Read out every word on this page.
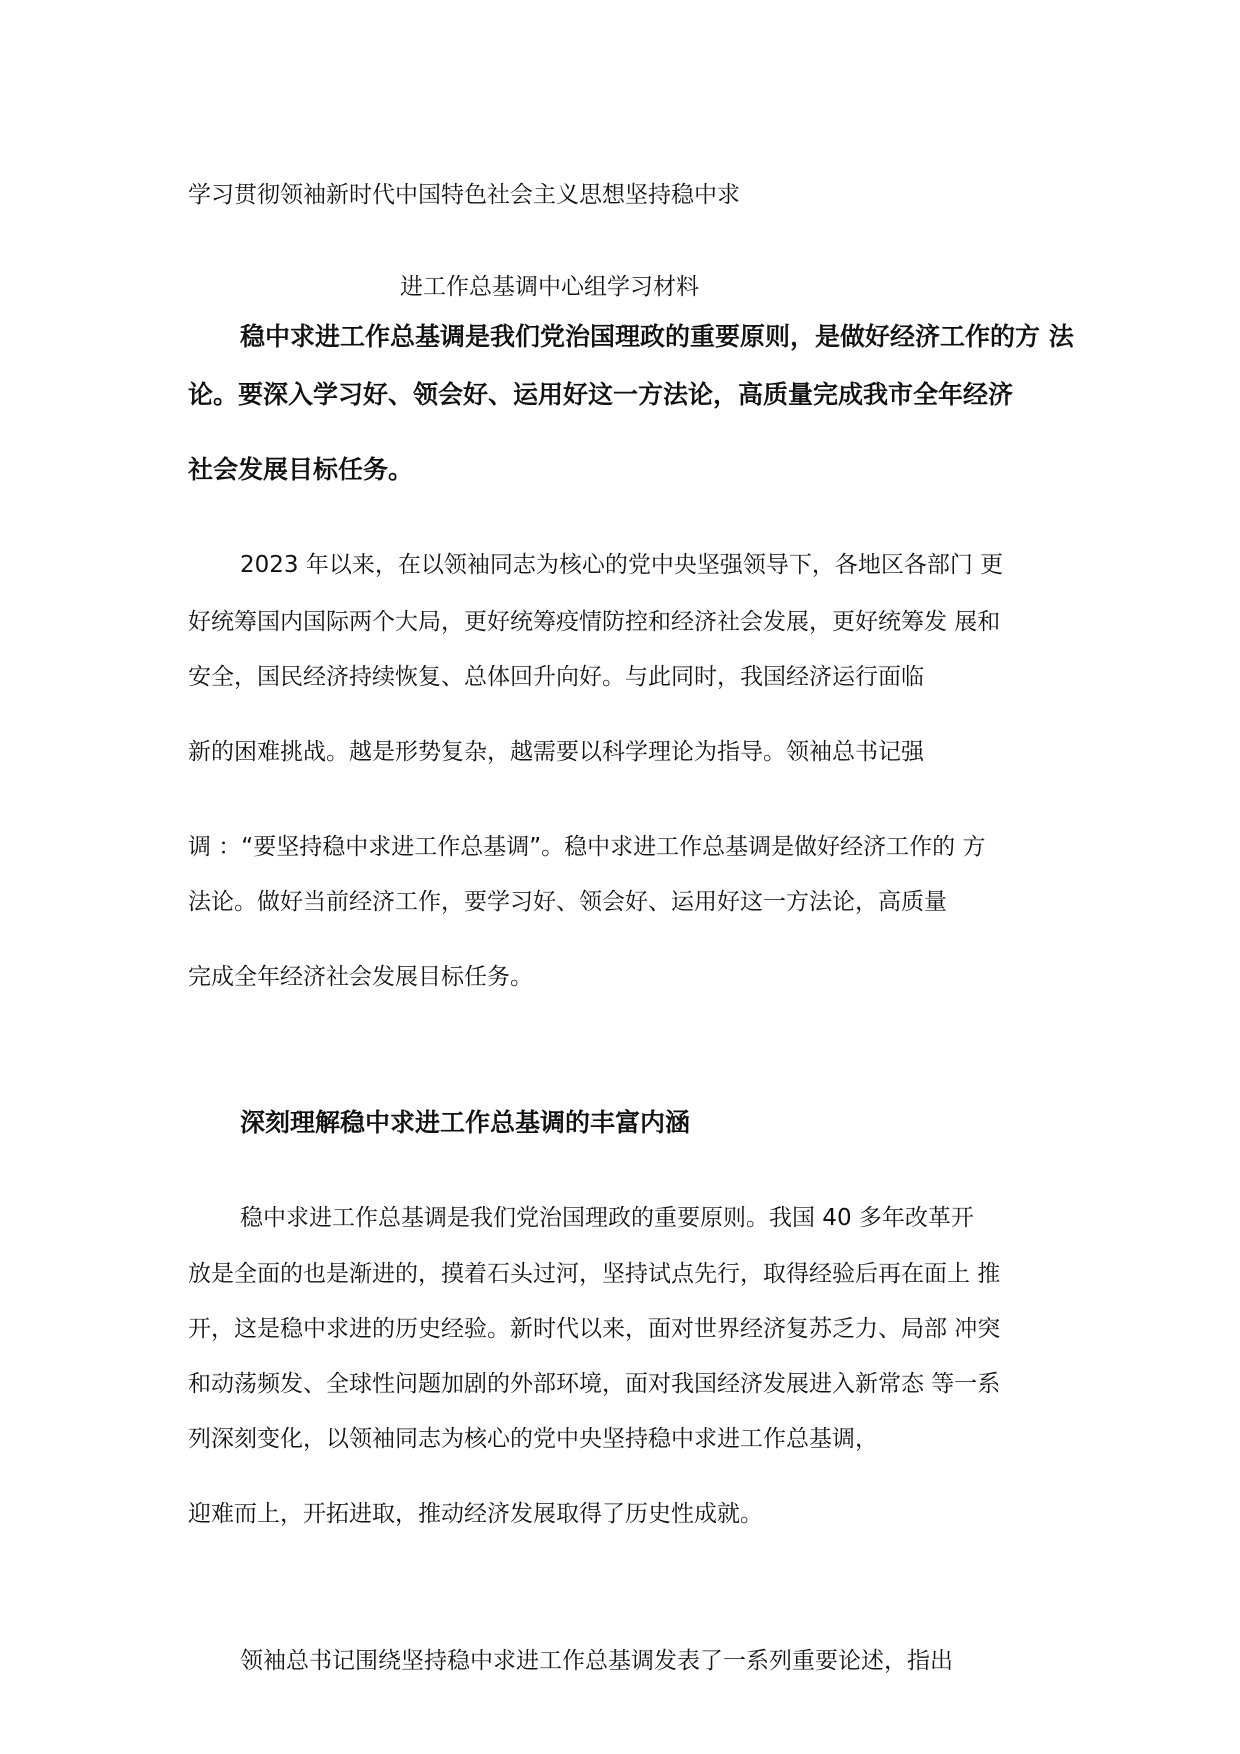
学习贯彻领袖新时代中国特色社会主义思想坚持稳中求
进工作总基调中心组学习材料
稳中求进工作总基调是我们党治国理政的重要原则，是做好经济工作的方 法
论。要深入学习好、领会好、运用好这一方法论，高质量完成我市全年经济
社会发展目标任务。
2023 年以来，在以领袖同志为核心的党中央坚强领导下，各地区各部门 更
好统筹国内国际两个大局，更好统筹疫情防控和经济社会发展，更好统筹发 展和
安全，国民经济持续恢复、总体回升向好。与此同时，我国经济运行面临
新的困难挑战。越是形势复杂，越需要以科学理论为指导。领袖总书记强
调 ：“要坚持稳中求进工作总基调”。稳中求进工作总基调是做好经济工作的 方
法论。做好当前经济工作，要学习好、领会好、运用好这一方法论，高质量
完成全年经济社会发展目标任务。
深刻理解稳中求进工作总基调的丰富内涵
稳中求进工作总基调是我们党治国理政的重要原则。我国 40 多年改革开
放是全面的也是渐进的，摸着石头过河，坚持试点先行，取得经验后再在面上 推
开，这是稳中求进的历史经验。新时代以来，面对世界经济复苏乏力、局部 冲突
和动荡频发、全球性问题加剧的外部环境，面对我国经济发展进入新常态 等一系
列深刻变化，以领袖同志为核心的党中央坚持稳中求进工作总基调，
迎难而上，开拓进取，推动经济发展取得了历史性成就。
领袖总书记围绕坚持稳中求进工作总基调发表了一系列重要论述，指出
